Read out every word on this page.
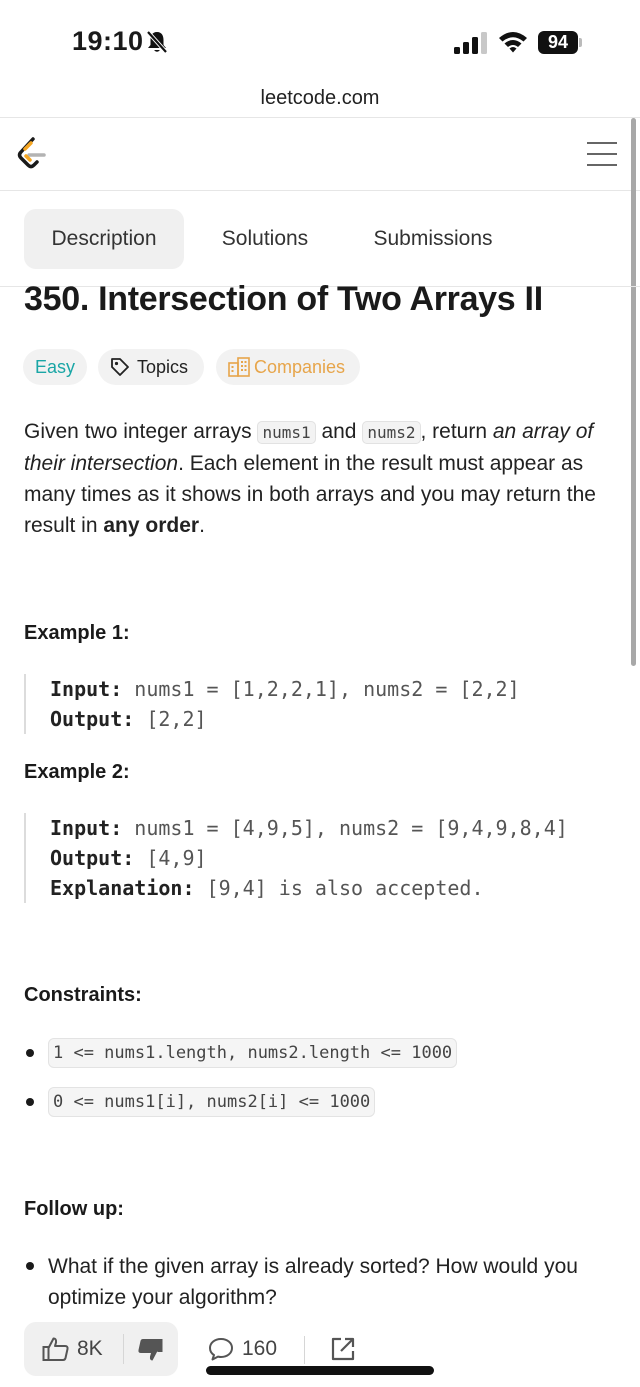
19:10	94
leetcode.com
Description	Solutions	Submissions
350. Intersection of Two Arrays II
Easy	Topics	Companies
Given two integer arrays nums1 and nums2 , return an array of their intersection. Each element in the result must appear as many times as it shows in both arrays and you may return the result in any order.
Example 1:
Input: nums1 = [1,2,2,1], nums2 = [2,2]
Output: [2,2]
Example 2:
Input: nums1 = [4,9,5], nums2 = [9,4,9,8,4]
Output: [4,9]
Explanation: [9,4] is also accepted.
Constraints:
1 <= nums1.length, nums2.length <= 1000
0 <= nums1[i], nums2[i] <= 1000
Follow up:
What if the given array is already sorted? How would you optimize your algorithm?
8K	160
